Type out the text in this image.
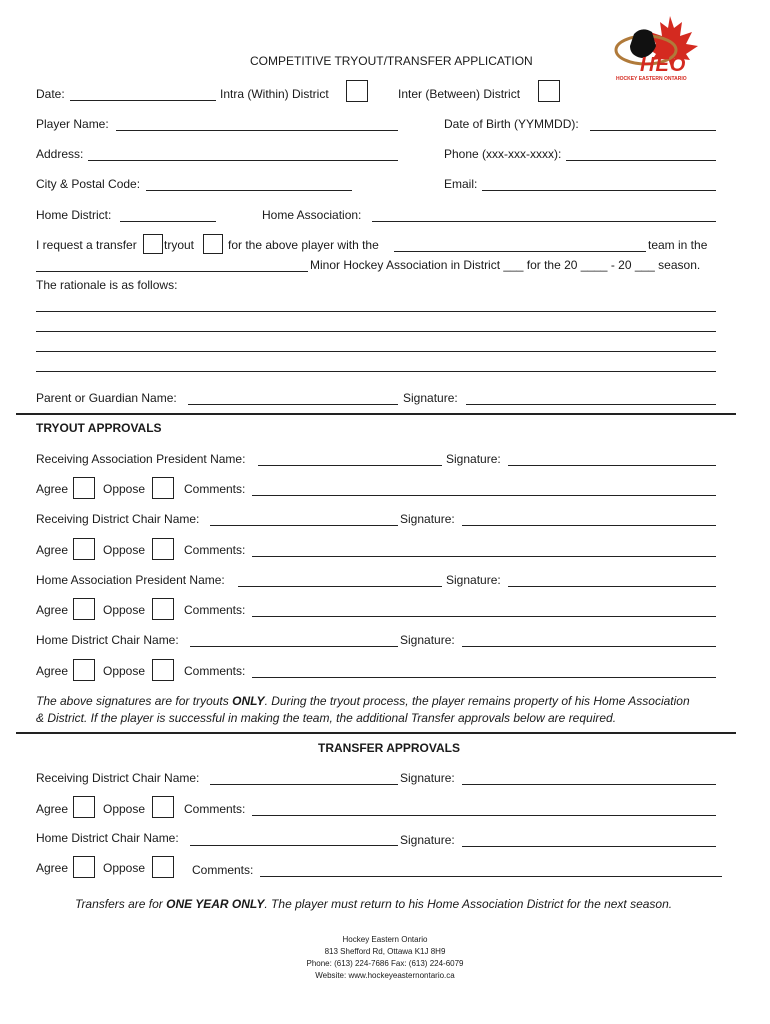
HEO
HOCKEY EASTERN ONTARIO
COMPETITIVE TRYOUT/TRANSFER APPLICATION
Date:	Intra (Within) District	Inter (Between) District
Player Name:	Date of Birth (YYMMDD):
Address:	Phone (xxx-xxx-xxxx):
City & Postal Code:	Email:
Home District:	Home Association:
I request a transfer tryout	for the above player with the	team in the
Minor Hockey Association in District ___ for the 20 ____ - 20 ___ season.
The rationale is as follows:
Parent or Guardian Name:	Signature:
TRYOUT APPROVALS
Receiving Association President Name:	Signature:
Agree	Oppose	Comments:
Receiving District Chair Name:	Signature:
Agree	Oppose	Comments:
Home Association President Name:	Signature:
Agree	Oppose	Comments:
Home District Chair Name:	Signature:
Agree	Oppose	Comments:
The above signatures are for tryouts ONLY. During the tryout process, the player remains property of his Home Association
& District. If the player is successful in making the team, the additional Transfer approvals below are required.
TRANSFER APPROVALS
Receiving District Chair Name:	Signature:
Agree	Oppose	Comments:
Home District Chair Name:	Signature:
Agree	Oppose	Comments:
Transfers are for ONE YEAR ONLY. The player must return to his Home Association District for the next season.
Hockey Eastern Ontario
813 Shefford Rd, Ottawa K1J 8H9
Phone: (613) 224-7686 Fax: (613) 224-6079
Website: www.hockeyeasternontario.ca
